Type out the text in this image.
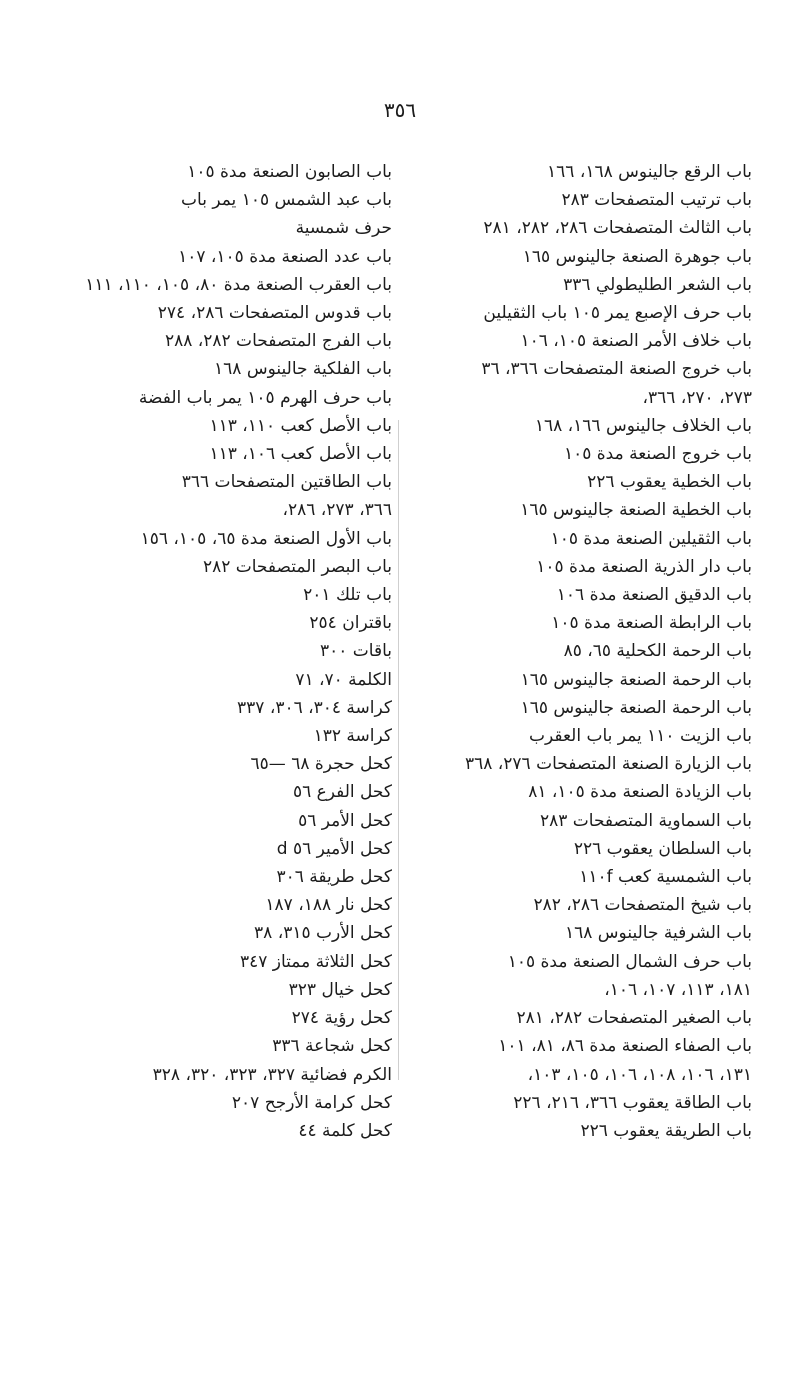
٣٥٦
باب الرقع جالينوس ١٦٨، ١٦٦
باب ترتيب المتصفحات ٢٨٣
باب الثالث المتصفحات ٢٨٦، ٢٨٢، ٢٨١
باب جوهرة الصنعة جالينوس ١٦٥
باب الشعر الطليطولي ٣٣٦
باب حرف الإصبع يمر ١٠٥ باب الثقيلين
باب خلاف الأمر الصنعة ١٠٥، ١٠٦
باب خروج الصنعة المتصفحات ٣٦٦، ٣٦
٢٧٣، ٢٧٠، ٣٦٦،
باب الخلاف جالينوس ١٦٦، ١٦٨
باب خروج الصنعة مدة ١٠٥
باب الخطية يعقوب ٢٢٦
باب الخطية الصنعة جالينوس ١٦٥
باب الثقيلين الصنعة مدة ١٠٥
باب دار الذرية الصنعة مدة ١٠٥
باب الدقيق الصنعة مدة ١٠٦
باب الرابطة الصنعة مدة ١٠٥
باب الرحمة الكحلية ٦٥، ٨٥
باب الرحمة الصنعة جالينوس ١٦٥
باب الرحمة الصنعة جالينوس ١٦٥
باب الزيت ١١٠ يمر باب العقرب
باب الزيارة الصنعة المتصفحات ٢٧٦، ٣٦٨
باب الزيادة الصنعة مدة ١٠٥، ٨١
باب السماوية المتصفحات ٢٨٣
باب السلطان يعقوب ٢٢٦
باب الشمسية كعب ١١٠f
باب شيخ المتصفحات ٢٨٦، ٢٨٢
باب الشرفية جالينوس ١٦٨
باب حرف الشمال الصنعة مدة ١٠٥
١٨١، ١١٣، ١٠٧، ١٠٦،
باب الصغير المتصفحات ٢٨٢، ٢٨١
باب الصفاء الصنعة مدة ٨٦، ٨١، ١٠١
١٣١، ١٠٦، ١٠٨، ١٠٦، ١٠٥، ١٠٣،
باب الطاقة يعقوب ٣٦٦، ٢١٦، ٢٢٦
باب الطريقة يعقوب ٢٢٦
باب الصابون الصنعة مدة ١٠٥
باب عبد الشمس ١٠٥ يمر باب
حرف شمسية
باب عدد الصنعة مدة ١٠٥، ١٠٧
باب العقرب الصنعة مدة ٨٠، ١٠٥، ١١٠، ١١١
باب قدوس المتصفحات ٢٨٦، ٢٧٤
باب الفرج المتصفحات ٢٨٢، ٢٨٨
باب الفلكية جالينوس ١٦٨
باب حرف الهرم ١٠٥ يمر باب الفضة
باب الأصل كعب ١١٠، ١١٣
باب الأصل كعب ١٠٦، ١١٣
باب الطاقتين المتصفحات ٣٦٦
٣٦٦، ٢٧٣، ٢٨٦،
باب الأول الصنعة مدة ٦٥، ١٠٥، ١٥٦
باب البصر المتصفحات ٢٨٢
باب تلك ٢٠١
باقتران ٢٥٤
باقات ٣٠٠
الكلمة ٧٠، ٧١
كراسة ٣٠٤، ٣٠٦، ٣٣٧
كراسة ١٣٢
كحل حجرة ٦٨ —٦٥
كحل الفرع ٥٦
كحل الأمر ٥٦
كحل الأمير ٥٦ d
كحل طريقة ٣٠٦
كحل نار ١٨٨، ١٨٧
كحل الأرب ٣١٥، ٣٨
كحل الثلاثة ممتاز ٣٤٧
كحل خيال ٣٢٣
كحل رؤية ٢٧٤
كحل شجاعة ٣٣٦
الكرم فضائية ٣٢٧، ٣٢٣، ٣٢٠، ٣٢٨
كحل كرامة الأرجح ٢٠٧
كحل كلمة ٤٤
